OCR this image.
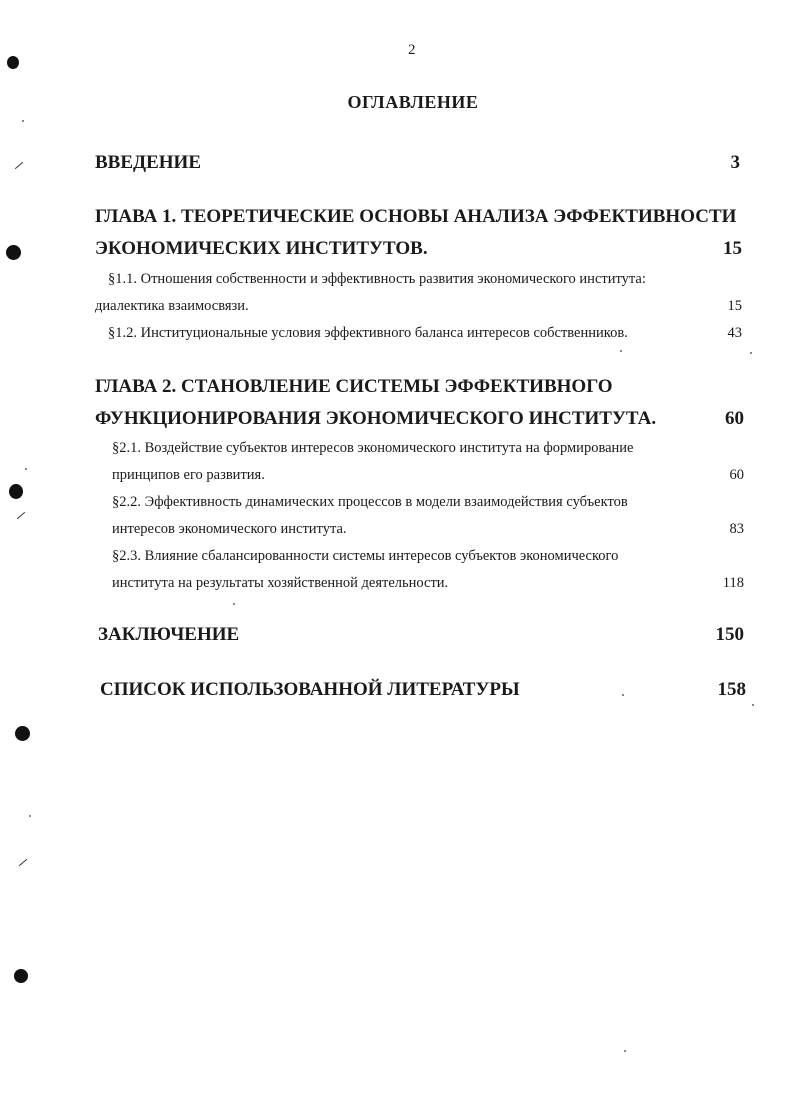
2
ОГЛАВЛЕНИЕ
ВВЕДЕНИЕ	3
ГЛАВА 1. ТЕОРЕТИЧЕСКИЕ ОСНОВЫ АНАЛИЗА ЭФФЕКТИВНОСТИ
ЭКОНОМИЧЕСКИХ ИНСТИТУТОВ.	15
§1.1. Отношения собственности и эффективность развития экономического института:
диалектика взаимосвязи.	15
§1.2. Институциональные условия эффективного баланса интересов собственников.	43
ГЛАВА 2. СТАНОВЛЕНИЕ СИСТЕМЫ ЭФФЕКТИВНОГО
ФУНКЦИОНИРОВАНИЯ ЭКОНОМИЧЕСКОГО ИНСТИТУТА.	60
§2.1. Воздействие субъектов интересов экономического института на формирование
принципов его развития.	60
§2.2. Эффективность динамических процессов в модели взаимодействия субъектов
интересов экономического института.	83
§2.3. Влияние сбалансированности системы интересов субъектов экономического
института на результаты хозяйственной деятельности.	118
ЗАКЛЮЧЕНИЕ	150
СПИСОК ИСПОЛЬЗОВАННОЙ ЛИТЕРАТУРЫ	158
